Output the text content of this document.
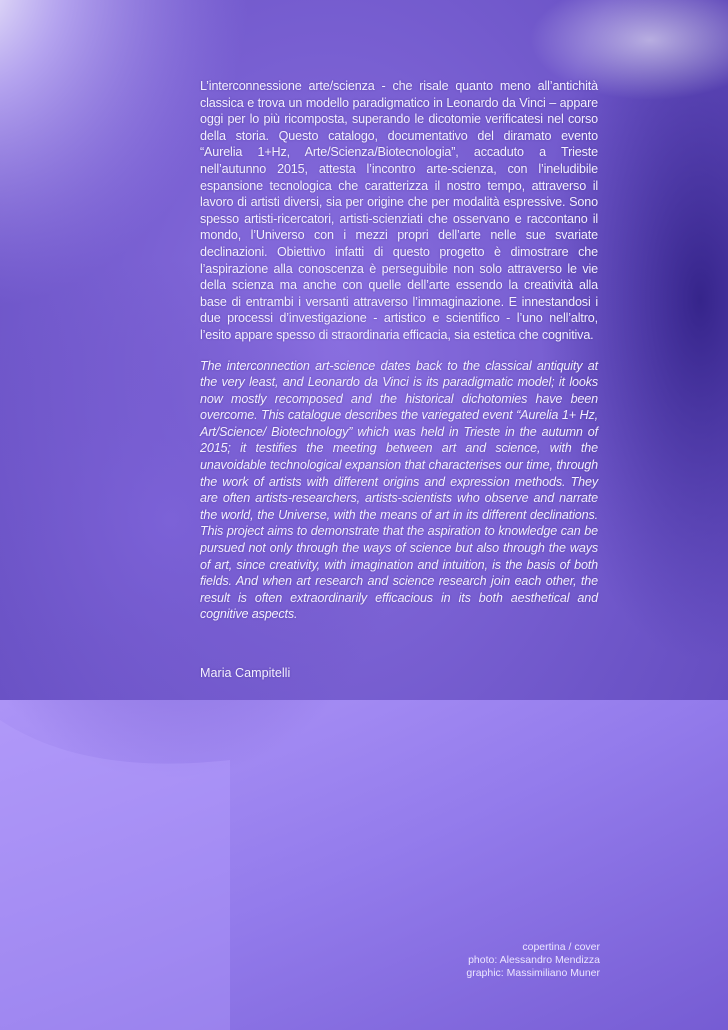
L’interconnessione arte/scienza - che risale quanto meno all’antichità classica e trova un modello paradigmatico in Leonardo da Vinci – appare oggi per lo più ricomposta, superando le dicotomie verificatesi nel corso della storia. Questo catalogo, documentativo del diramato evento “Aurelia 1+Hz, Arte/Scienza/Biotecnologia”, accaduto a Trieste nell’autunno 2015, attesta l’incontro arte-scienza, con l’ineludibile espansione tecnologica che caratterizza il nostro tempo, attraverso il lavoro di artisti diversi, sia per origine che per modalità espressive. Sono spesso artisti-ricercatori, artisti-scienziati che osservano e raccontano il mondo, l’Universo con i mezzi propri dell’arte nelle sue svariate declinazioni. Obiettivo infatti di questo progetto è dimostrare che l’aspirazione alla conoscenza è perseguibile non solo attraverso le vie della scienza ma anche con quelle dell’arte essendo la creatività alla base di entrambi i versanti attraverso l’immaginazione. E innestandosi i due processi d’investigazione - artistico e scientifico - l’uno nell’altro, l’esito appare spesso di straordinaria efficacia, sia estetica che cognitiva.

The interconnection art-science dates back to the classical antiquity at the very least, and Leonardo da Vinci is its paradigmatic model; it looks now mostly recomposed and the historical dichotomies have been overcome. This catalogue describes the variegated event “Aurelia 1+ Hz, Art/Science/ Biotechnology” which was held in Trieste in the autumn of 2015; it testifies the meeting between art and science, with the unavoidable technological expansion that characterises our time, through the work of artists with different origins and expression methods. They are often artists-researchers, artists-scientists who observe and narrate the world, the Universe, with the means of art in its different declinations. This project aims to demonstrate that the aspiration to knowledge can be pursued not only through the ways of science but also through the ways of art, since creativity, with imagination and intuition, is the basis of both fields. And when art research and science research join each other, the result is often extraordinarily efficacious in its both aesthetical and cognitive aspects.

Maria Campitelli
copertina / cover
photo: Alessandro Mendizza
graphic: Massimiliano Muner
